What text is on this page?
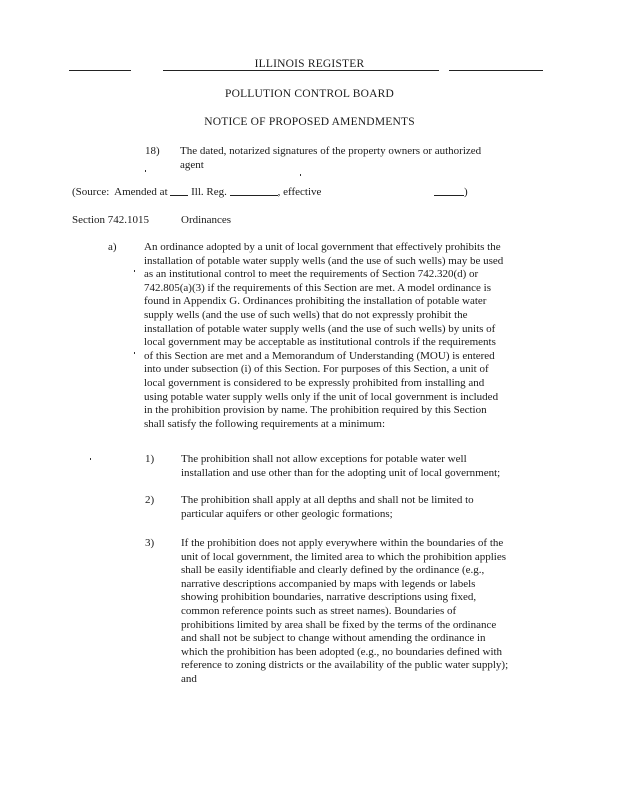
ILLINOIS REGISTER
POLLUTION CONTROL BOARD
NOTICE OF PROPOSED AMENDMENTS
18) The dated, notarized signatures of the property owners or authorized
agent
(Source: Amended at Ill. Reg.	, effective	)
Section 742.1015	Ordinances
a) An ordinance adopted by a unit of local government that effectively prohibits the
installation of potable water supply wells (and the use of such wells) may be used
as an institutional control to meet the requirements of Section 742.320(d) or
742.805(a)(3) if the requirements of this Section are met. A model ordinance is
found in Appendix G. Ordinances prohibiting the installation of potable water
supply wells (and the use of such wells) that do not expressly prohibit the
installation of potable water supply wells (and the use of such wells) by units of
local government may be acceptable as institutional controls if the requirements
of this Section are met and a Memorandum of Understanding (MOU) is entered
into under subsection (i) of this Section. For purposes of this Section, a unit of
local government is considered to be expressly prohibited from installing and
using potable water supply wells only if the unit of local government is included
in the prohibition provision by name. The prohibition required by this Section
shall satisfy the following requirements at a minimum:
1) The prohibition shall not allow exceptions for potable water well
installation and use other than for the adopting unit of local government;
2) The prohibition shall apply at all depths and shall not be limited to
particular aquifers or other geologic formations;
3) If the prohibition does not apply everywhere within the boundaries of the
unit of local government, the limited area to which the prohibition applies
shall be easily identifiable and clearly defined by the ordinance (e.g.,
narrative descriptions accompanied by maps with legends or labels
showing prohibition boundaries, narrative descriptions using fixed,
common reference points such as street names). Boundaries of
prohibitions limited by area shall be fixed by the terms of the ordinance
and shall not be subject to change without amending the ordinance in
which the prohibition has been adopted (e.g., no boundaries defined with
reference to zoning districts or the availability of the public water supply);
and
